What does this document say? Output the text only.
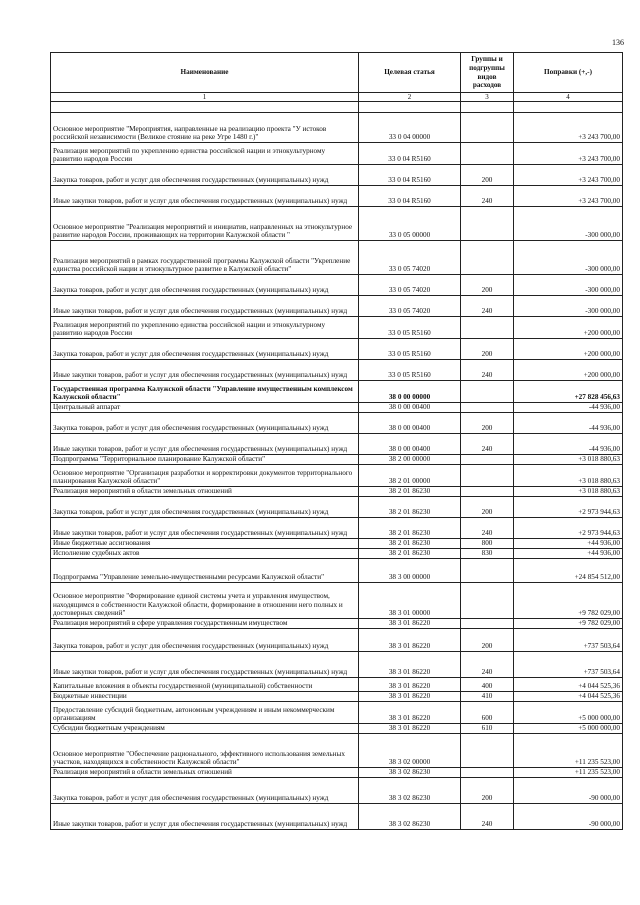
136
Наименование	Целевая статья	Группы и подгруппы видов расходов	Поправки (+,-)
1	2	3	4

Основное мероприятие "Мероприятия, направленные на реализацию проекта "У истоков российской независимости (Великое стояние на реке Угре 1480 г.)"	33 0 04 00000		+3 243 700,00
Реализация мероприятий по укреплению единства российской нации и этнокультурному развитию народов России	33 0 04 R5160		+3 243 700,00
Закупка товаров, работ и услуг для обеспечения государственных (муниципальных) нужд	33 0 04 R5160	200	+3 243 700,00
Иные закупки товаров, работ и услуг для обеспечения государственных (муниципальных) нужд	33 0 04 R5160	240	+3 243 700,00
Основное мероприятие "Реализация мероприятий и инициатив, направленных на этнокультурное развитие народов России, проживающих на территории Калужской области "	33 0 05 00000		-300 000,00
Реализация мероприятий в рамках государственной программы Калужской области "Укрепление единства российской нации и этнокультурное развитие в Калужской области"	33 0 05 74020		-300 000,00
Закупка товаров, работ и услуг для обеспечения государственных (муниципальных) нужд	33 0 05 74020	200	-300 000,00
Иные закупки товаров, работ и услуг для обеспечения государственных (муниципальных) нужд	33 0 05 74020	240	-300 000,00
Реализация мероприятий по укреплению единства российской нации и этнокультурному развитию народов России	33 0 05 R5160		+200 000,00
Закупка товаров, работ и услуг для обеспечения государственных (муниципальных) нужд	33 0 05 R5160	200	+200 000,00
Иные закупки товаров, работ и услуг для обеспечения государственных (муниципальных) нужд	33 0 05 R5160	240	+200 000,00
Государственная программа Калужской области "Управление имущественным комплексом Калужской области"	38 0 00 00000		+27 828 456,63
Центральный аппарат	38 0 00 00400		-44 936,00
Закупка товаров, работ и услуг для обеспечения государственных (муниципальных) нужд	38 0 00 00400	200	-44 936,00
Иные закупки товаров, работ и услуг для обеспечения государственных (муниципальных) нужд	38 0 00 00400	240	-44 936,00
Подпрограмма "Территориальное планирование Калужской области"	38 2 00 00000		+3 018 880,63
Основное мероприятие "Организация разработки и корректировки документов территориального планирования Калужской области"	38 2 01 00000		+3 018 880,63
Реализация мероприятий в области земельных отношений	38 2 01 86230		+3 018 880,63
Закупка товаров, работ и услуг для обеспечения государственных (муниципальных) нужд	38 2 01 86230	200	+2 973 944,63
Иные закупки товаров, работ и услуг для обеспечения государственных (муниципальных) нужд	38 2 01 86230	240	+2 973 944,63
Иные бюджетные ассигнования	38 2 01 86230	800	+44 936,00
Исполнение судебных актов	38 2 01 86230	830	+44 936,00
Подпрограмма "Управление земельно-имущественными ресурсами Калужской области"	38 3 00 00000		+24 854 512,00
Основное мероприятие "Формирование единой системы учета и управления имуществом, находящимся в собственности Калужской области, формирование в отношении него полных и достоверных сведений"	38 3 01 00000		+9 782 029,00
Реализация мероприятий в сфере управления государственным имуществом	38 3 01 86220		+9 782 029,00
Закупка товаров, работ и услуг для обеспечения государственных (муниципальных) нужд	38 3 01 86220	200	+737 503,64
Иные закупки товаров, работ и услуг для обеспечения государственных (муниципальных) нужд	38 3 01 86220	240	+737 503,64
Капитальные вложения в объекты государственной (муниципальной) собственности	38 3 01 86220	400	+4 044 525,36
Бюджетные инвестиции	38 3 01 86220	410	+4 044 525,36
Предоставление субсидий бюджетным, автономным учреждениям и иным некоммерческим организациям	38 3 01 86220	600	+5 000 000,00
Субсидии бюджетным учреждениям	38 3 01 86220	610	+5 000 000,00
Основное мероприятие "Обеспечение рационального, эффективного использования земельных участков, находящихся в собственности Калужской области"	38 3 02 00000		+11 235 523,00
Реализация мероприятий в области земельных отношений	38 3 02 86230		+11 235 523,00
Закупка товаров, работ и услуг для обеспечения государственных (муниципальных) нужд	38 3 02 86230	200	-90 000,00
Иные закупки товаров, работ и услуг для обеспечения государственных (муниципальных) нужд	38 3 02 86230	240	-90 000,00
